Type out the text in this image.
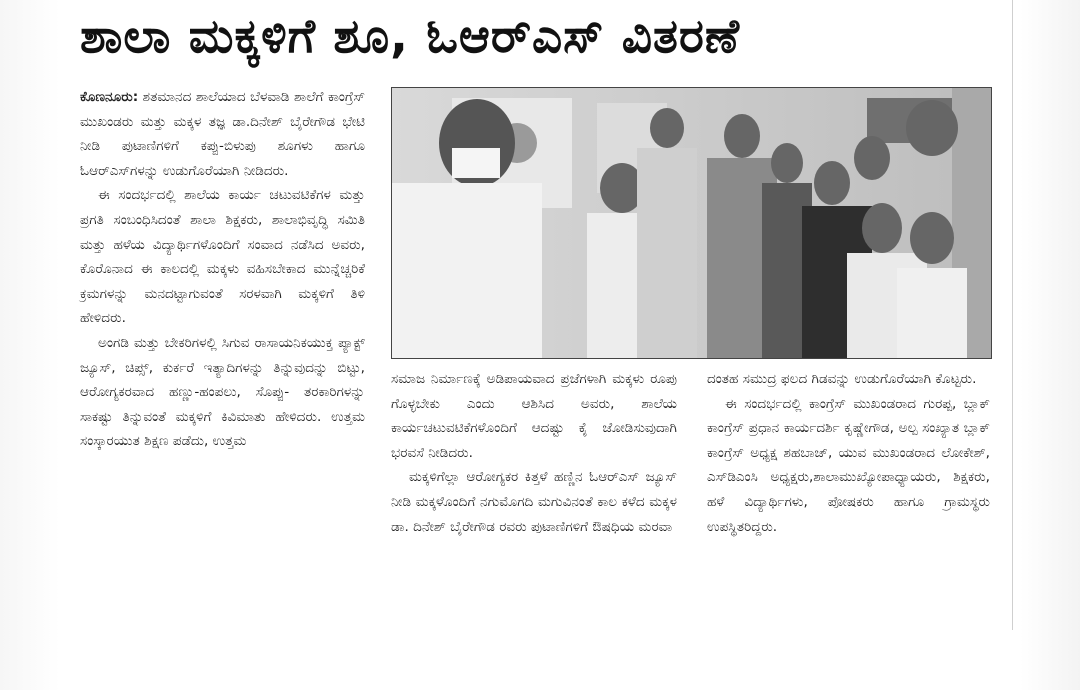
ಶಾಲಾ ಮಕ್ಕಳಿಗೆ ಶೂ, ಓಆರ್‌ಎಸ್ ವಿತರಣೆ

ಕೊಣನೂರು: ಶತಮಾನದ ಶಾಲೆಯಾದ ಬೆಳವಾಡಿ ಶಾಲೆಗೆ ಕಾಂಗ್ರೆಸ್ ಮುಖಂಡರು ಮತ್ತು ಮಕ್ಕಳ ತಜ್ಞ ಡಾ.ದಿನೇಶ್ ಬೈರೇಗೌಡ ಭೇಟಿ ನೀಡಿ ಪುಟಾಣಿಗಳಿಗೆ ಕಪ್ಪು-ಬಿಳುಪು ಶೂಗಳು ಹಾಗೂ ಓಆರ್‌ಎಸ್‌ಗಳನ್ನು ಉಡುಗೊರೆಯಾಗಿ ನೀಡಿದರು.

ಈ ಸಂದರ್ಭದಲ್ಲಿ ಶಾಲೆಯ ಕಾರ್ಯ ಚಟುವಟಿಕೆಗಳ ಮತ್ತು ಪ್ರಗತಿ ಸಂಬಂಧಿಸಿದಂತೆ ಶಾಲಾ ಶಿಕ್ಷಕರು, ಶಾಲಾಭಿವೃದ್ಧಿ ಸಮಿತಿ ಮತ್ತು ಹಳೆಯ ವಿದ್ಯಾರ್ಥಿಗಳೊಂದಿಗೆ ಸಂವಾದ ನಡೆಸಿದ ಅವರು, ಕೊರೊನಾದ ಈ ಕಾಲದಲ್ಲಿ ಮಕ್ಕಳು ವಹಿಸಬೇಕಾದ ಮುನ್ನೆಚ್ಚರಿಕೆ ಕ್ರಮಗಳನ್ನು ಮನದಟ್ಟಾಗುವಂತೆ ಸರಳವಾಗಿ ಮಕ್ಕಳಿಗೆ ತಿಳಿ ಹೇಳಿದರು.

ಅಂಗಡಿ ಮತ್ತು ಬೇಕರಿಗಳಲ್ಲಿ ಸಿಗುವ ರಾಸಾಯನಿಕಯುಕ್ತ ಪ್ಯಾಕ್ಟ್ ಜ್ಯೂಸ್, ಚಿಪ್ಸ್, ಕುರ್ಕರೆ ಇತ್ಯಾದಿಗಳನ್ನು ತಿನ್ನುವುದನ್ನು ಬಿಟ್ಟು, ಆರೋಗ್ಯಕರವಾದ ಹಣ್ಣು-ಹಂಪಲು, ಸೊಪ್ಪು- ತರಕಾರಿಗಳನ್ನು ಸಾಕಷ್ಟು ತಿನ್ನುವಂತೆ ಮಕ್ಕಳಿಗೆ ಕಿವಿಮಾತು ಹೇಳಿದರು. ಉತ್ತಮ ಸಂಸ್ಕಾರಯುತ ಶಿಕ್ಷಣ ಪಡೆದು, ಉತ್ತಮ

ಸಮಾಜ ನಿರ್ಮಾಣಕ್ಕೆ ಅಡಿಪಾಯವಾದ ಪ್ರಜೆಗಳಾಗಿ ಮಕ್ಕಳು ರೂಪು ಗೊಳ್ಳಬೇಕು ಎಂದು ಆಶಿಸಿದ ಅವರು, ಶಾಲೆಯ ಕಾರ್ಯಚಟುವಟಿಕೆಗಳೊಂದಿಗೆ ಆದಷ್ಟು ಕೈ ಜೋಡಿಸುವುದಾಗಿ ಭರವಸೆ ನೀಡಿದರು.

ಮಕ್ಕಳಿಗೆಲ್ಲಾ ಆರೋಗ್ಯಕರ ಕಿತ್ತಳೆ ಹಣ್ಣಿನ ಓಆರ್‌ಎಸ್ ಜ್ಯೂಸ್ ನೀಡಿ ಮಕ್ಕಳೊಂದಿಗೆ ನಗುಮೊಗದಿ ಮಗುವಿನಂತೆ ಕಾಲ ಕಳೆದ ಮಕ್ಕಳ ಡಾ. ದಿನೇಶ್ ಬೈರೇಗೌಡ ರವರು ಪುಟಾಣಿಗಳಿಗೆ ಔಷಧಿಯ ಮರವಾ

ದಂತಹ ಸಮುದ್ರ ಫಲದ ಗಿಡವನ್ನು ಉಡುಗೊರೆಯಾಗಿ ಕೊಟ್ಟರು.

ಈ ಸಂದರ್ಭದಲ್ಲಿ ಕಾಂಗ್ರೆಸ್ ಮುಖಂಡರಾದ ಗುರಪ್ಪ, ಬ್ಲಾಕ್ ಕಾಂಗ್ರೆಸ್ ಪ್ರಧಾನ ಕಾರ್ಯದರ್ಶಿ ಕೃಷ್ಣೇಗೌಡ, ಅಲ್ಪ ಸಂಖ್ಯಾತ ಬ್ಲಾಕ್ ಕಾಂಗ್ರೆಸ್ ಅಧ್ಯಕ್ಷ ಶಹಬಾಜ್, ಯುವ ಮುಖಂಡರಾದ ಲೋಕೇಶ್, ಎಸ್‌ಡಿಎಂಸಿ ಅಧ್ಯಕ್ಷರು,ಶಾಲಾಮುಖ್ಯೋಪಾಧ್ಯಾಯರು, ಶಿಕ್ಷಕರು, ಹಳೆ ವಿದ್ಯಾರ್ಥಿಗಳು, ಪೋಷಕರು ಹಾಗೂ ಗ್ರಾಮಸ್ಥರು ಉಪಸ್ಥಿತರಿದ್ದರು.
